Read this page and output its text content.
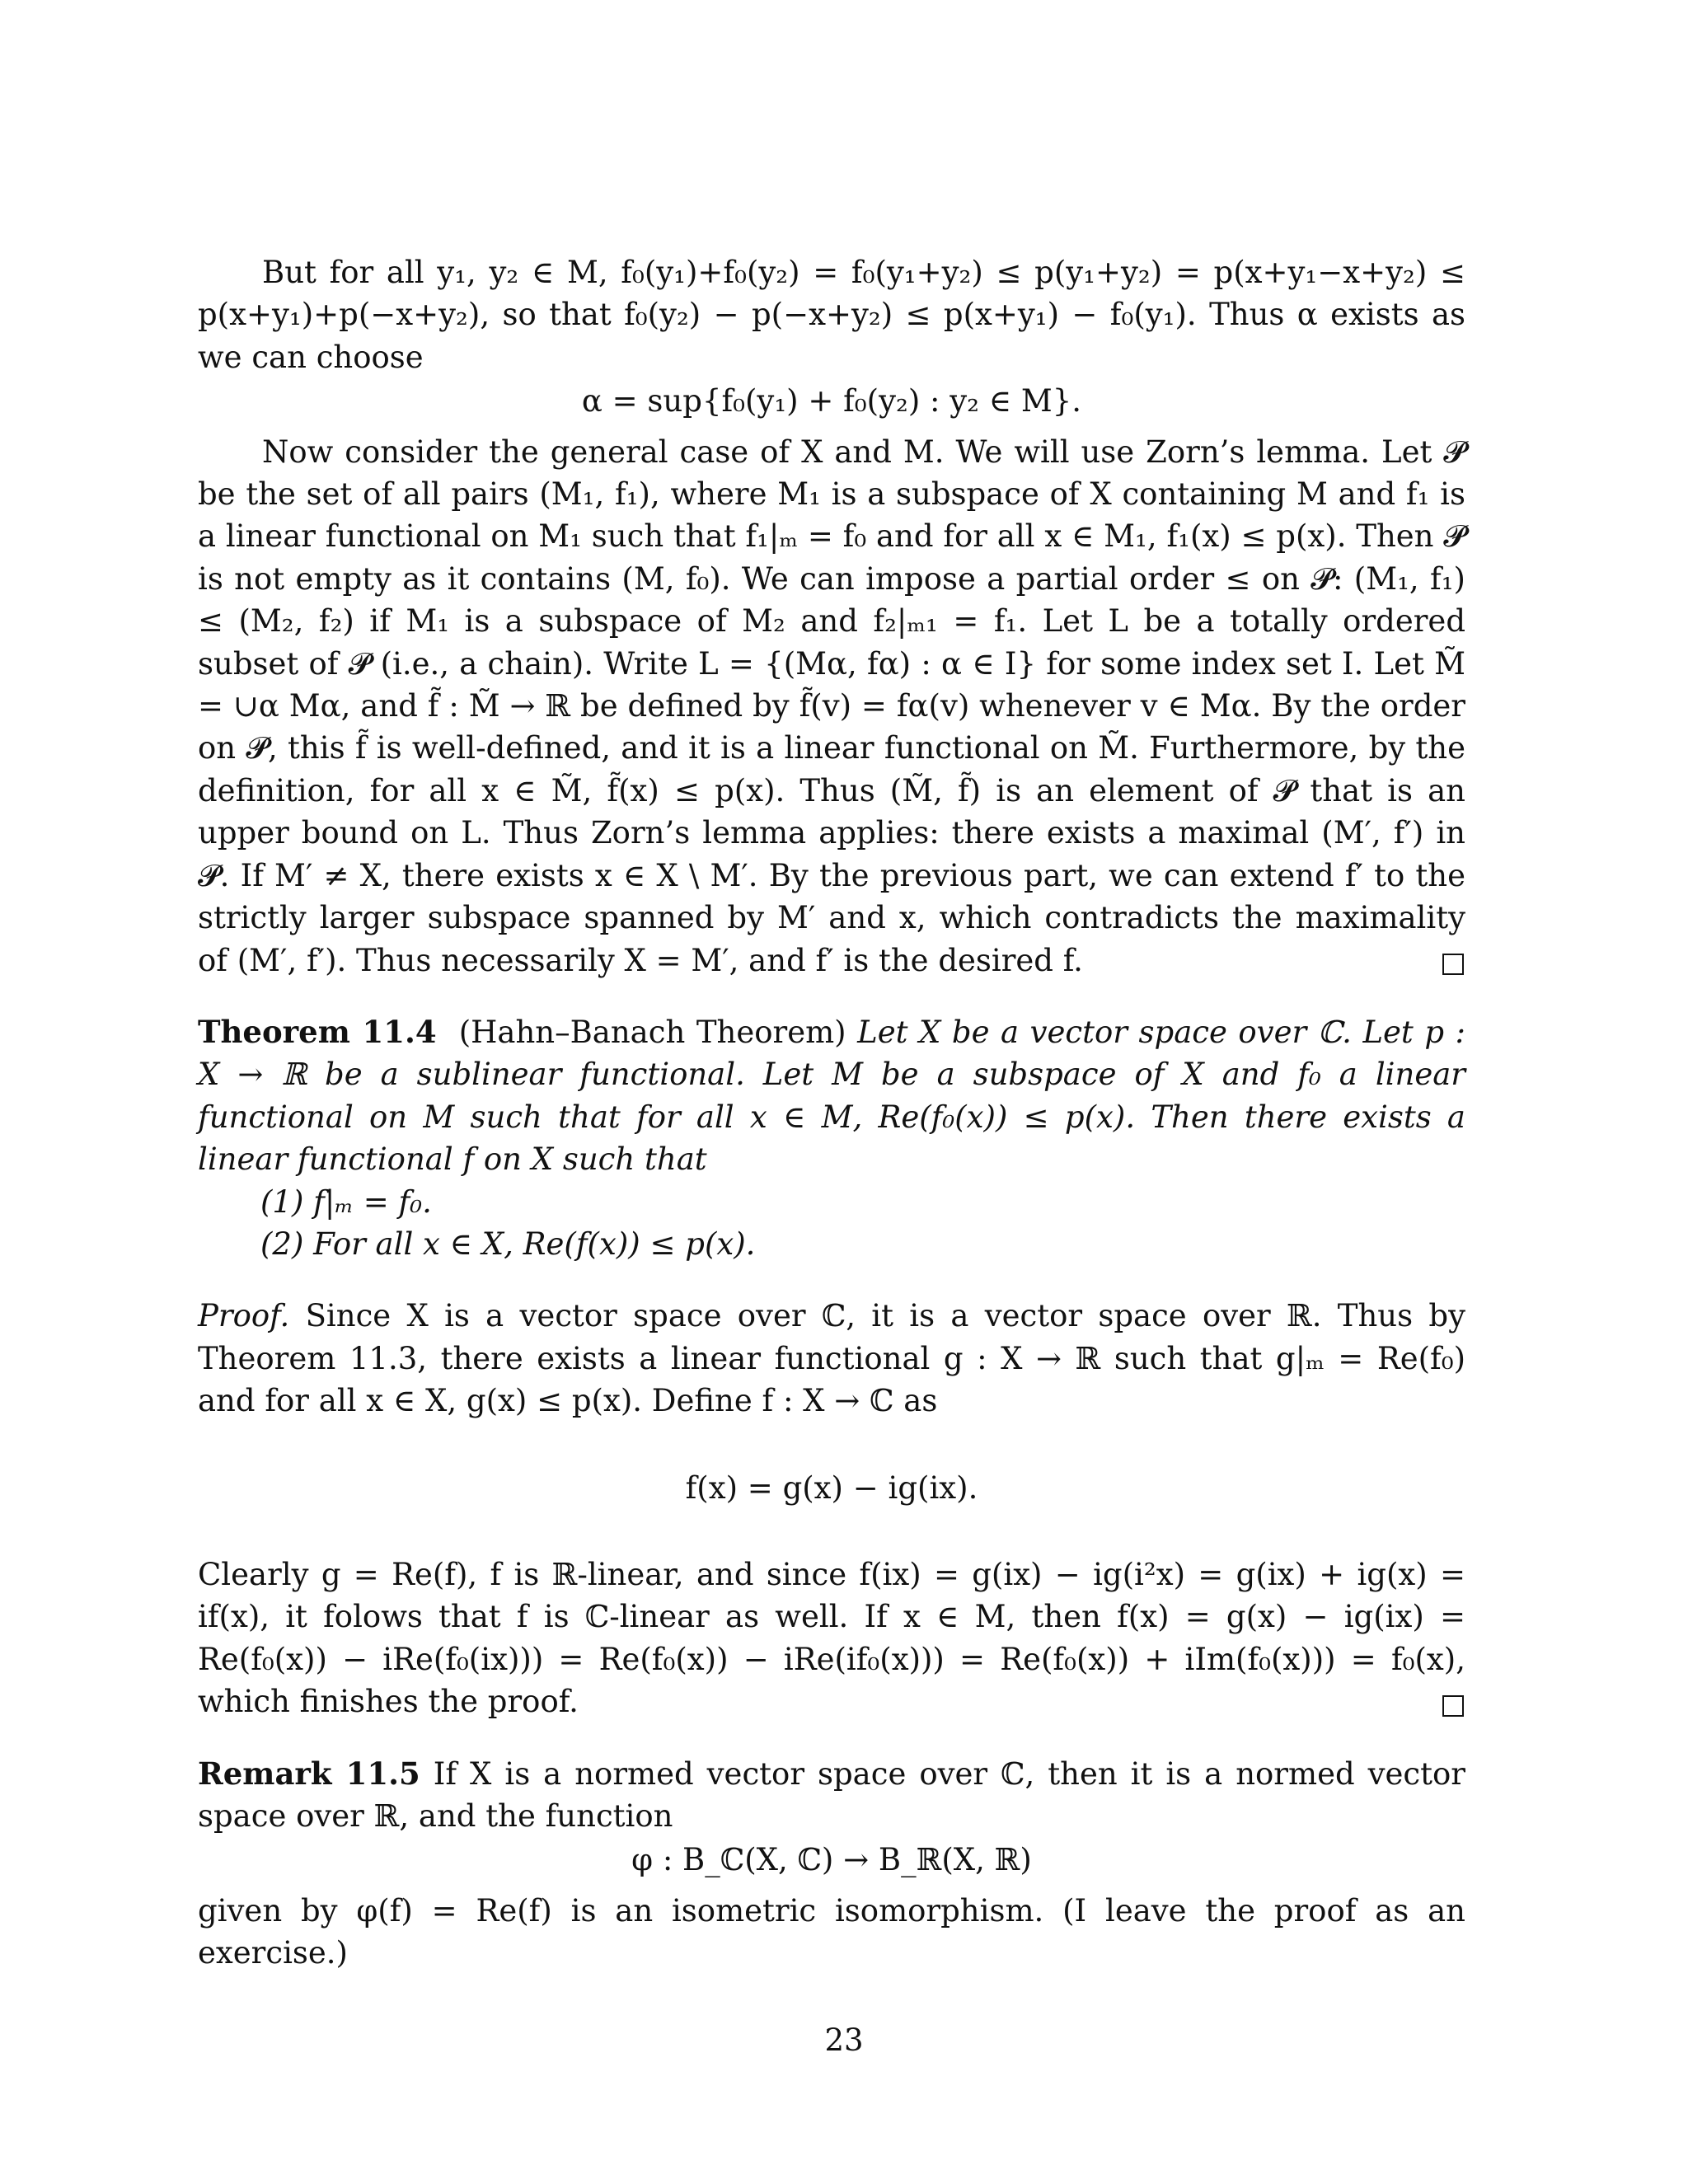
But for all y₁, y₂ ∈ M, f₀(y₁)+f₀(y₂) = f₀(y₁+y₂) ≤ p(y₁+y₂) = p(x+y₁−x+y₂) ≤ p(x+y₁)+p(−x+y₂), so that f₀(y₂) − p(−x+y₂) ≤ p(x+y₁) − f₀(y₁). Thus α exists as we can choose

α = sup{f₀(y₁) + f₀(y₂) : y₂ ∈ M}.

Now consider the general case of X and M. We will use Zorn’s lemma. Let 𝓟 be the set of all pairs (M₁, f₁), where M₁ is a subspace of X containing M and f₁ is a linear functional on M₁ such that f₁|ₘ = f₀ and for all x ∈ M₁, f₁(x) ≤ p(x). Then 𝓟 is not empty as it contains (M, f₀). We can impose a partial order ≤ on 𝓟: (M₁, f₁) ≤ (M₂, f₂) if M₁ is a subspace of M₂ and f₂|ₘ₁ = f₁. Let L be a totally ordered subset of 𝓟 (i.e., a chain). Write L = {(Mα, fα) : α ∈ I} for some index set I. Let M̃ = ∪α Mα, and f̃ : M̃ → ℝ be defined by f̃(v) = fα(v) whenever v ∈ Mα. By the order on 𝓟, this f̃ is well-defined, and it is a linear functional on M̃. Furthermore, by the definition, for all x ∈ M̃, f̃(x) ≤ p(x). Thus (M̃, f̃) is an element of 𝓟 that is an upper bound on L. Thus Zorn’s lemma applies: there exists a maximal (M′, f′) in 𝓟. If M′ ≠ X, there exists x ∈ X \ M′. By the previous part, we can extend f′ to the strictly larger subspace spanned by M′ and x, which contradicts the maximality of (M′, f′). Thus necessarily X = M′, and f′ is the desired f.

Theorem 11.4 (Hahn–Banach Theorem) Let X be a vector space over ℂ. Let p : X → ℝ be a sublinear functional. Let M be a subspace of X and f₀ a linear functional on M such that for all x ∈ M, Re(f₀(x)) ≤ p(x). Then there exists a linear functional f on X such that

(1) f|ₘ = f₀.

(2) For all x ∈ X, Re(f(x)) ≤ p(x).

Proof. Since X is a vector space over ℂ, it is a vector space over ℝ. Thus by Theorem 11.3, there exists a linear functional g : X → ℝ such that g|ₘ = Re(f₀) and for all x ∈ X, g(x) ≤ p(x). Define f : X → ℂ as

f(x) = g(x) − ig(ix).

Clearly g = Re(f), f is ℝ-linear, and since f(ix) = g(ix) − ig(i²x) = g(ix) + ig(x) = if(x), it folows that f is ℂ-linear as well. If x ∈ M, then f(x) = g(x) − ig(ix) = Re(f₀(x)) − iRe(f₀(ix))) = Re(f₀(x)) − iRe(if₀(x))) = Re(f₀(x)) + iIm(f₀(x))) = f₀(x), which finishes the proof.

Remark 11.5 If X is a normed vector space over ℂ, then it is a normed vector space over ℝ, and the function

φ : B_ℂ(X, ℂ) → B_ℝ(X, ℝ)

given by φ(f) = Re(f) is an isometric isomorphism. (I leave the proof as an exercise.)

23
